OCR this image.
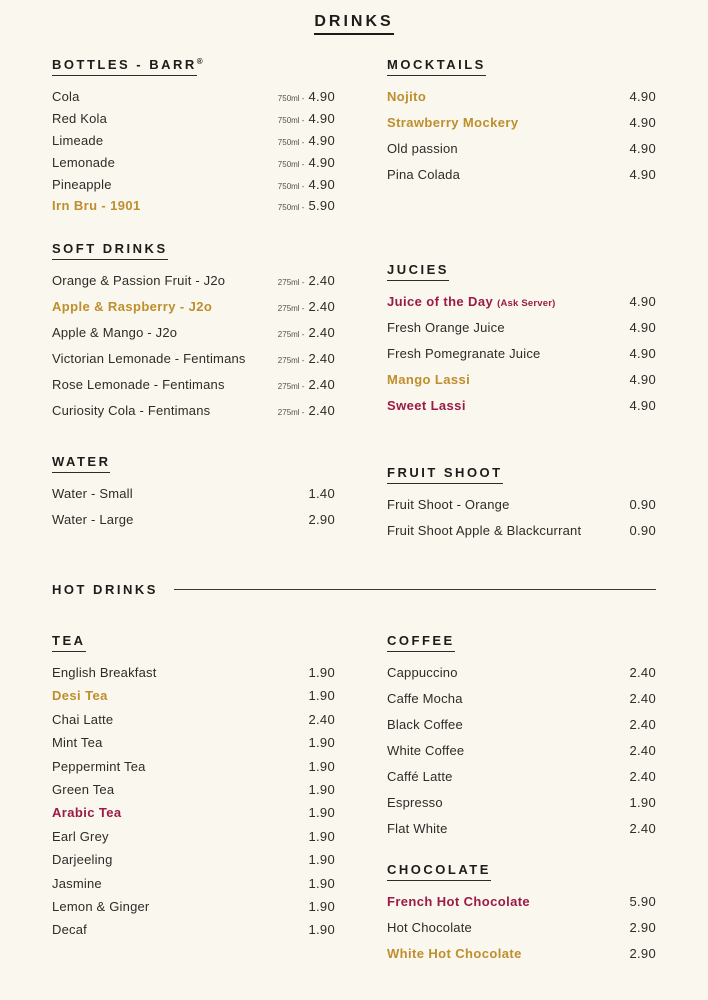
DRINKS
BOTTLES - BARR®
Cola	750ml - 4.90
Red Kola	750ml - 4.90
Limeade	750ml - 4.90
Lemonade	750ml - 4.90
Pineapple	750ml - 4.90
Irn Bru - 1901	750ml - 5.90
SOFT DRINKS
Orange & Passion Fruit - J2o	275ml - 2.40
Apple & Raspberry - J2o	275ml - 2.40
Apple & Mango - J2o	275ml - 2.40
Victorian Lemonade - Fentimans	275ml - 2.40
Rose Lemonade - Fentimans	275ml - 2.40
Curiosity Cola - Fentimans	275ml - 2.40
WATER
Water - Small	1.40
Water - Large	2.90
MOCKTAILS
Nojito	4.90
Strawberry Mockery	4.90
Old passion	4.90
Pina Colada	4.90
JUCIES
Juice of the Day (Ask Server)	4.90
Fresh Orange Juice	4.90
Fresh Pomegranate Juice	4.90
Mango Lassi	4.90
Sweet Lassi	4.90
FRUIT SHOOT
Fruit Shoot - Orange	0.90
Fruit Shoot Apple & Blackcurrant	0.90
HOT DRINKS
TEA
English Breakfast	1.90
Desi Tea	1.90
Chai Latte	2.40
Mint Tea	1.90
Peppermint Tea	1.90
Green Tea	1.90
Arabic Tea	1.90
Earl Grey	1.90
Darjeeling	1.90
Jasmine	1.90
Lemon & Ginger	1.90
Decaf	1.90
COFFEE
Cappuccino	2.40
Caffe Mocha	2.40
Black Coffee	2.40
White Coffee	2.40
Caffé Latte	2.40
Espresso	1.90
Flat White	2.40
CHOCOLATE
French Hot Chocolate	5.90
Hot Chocolate	2.90
White Hot Chocolate	2.90
